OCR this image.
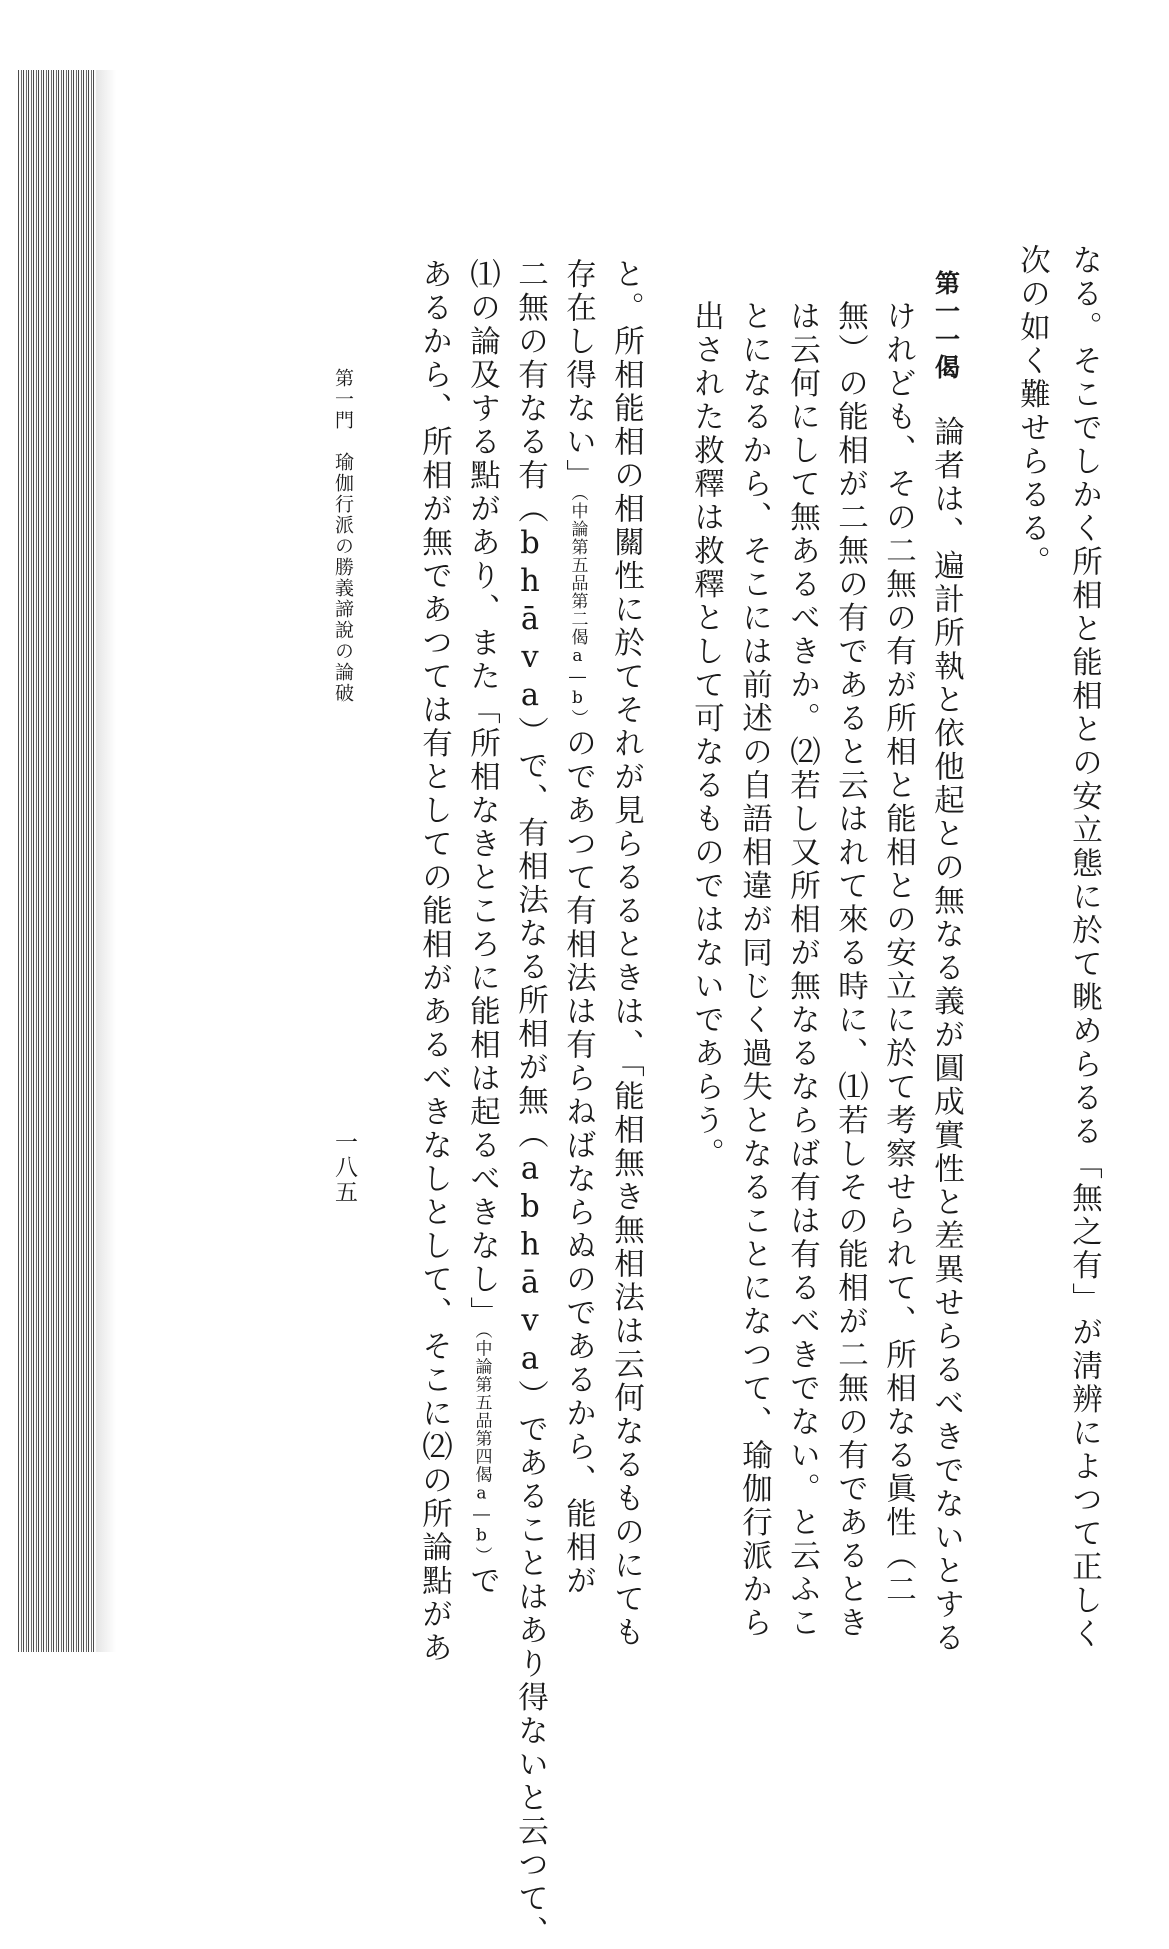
なる。そこでしかく所相と能相との安立態に於て眺めらるる「無之有」が淸辨によつて正しく
次の如く難せらるる。
第一一偈　論者は、遍計所執と依他起との無なる義が圓成實性と差異せらるべきでないとする
けれども、その二無の有が所相と能相との安立に於て考察せられて、所相なる眞性（二
無）の能相が二無の有であると云はれて來る時に、⑴若しその能相が二無の有であるとき
は云何にして無あるべきか。⑵若し又所相が無なるならば有は有るべきでない。と云ふこ
とになるから、そこには前述の自語相違が同じく過失となることになつて、瑜伽行派から
出された救釋は救釋として可なるものではないであらう。
と。所相能相の相關性に於てそれが見らるるときは、「能相無き無相法は云何なるものにても
存在し得ない」（中論第五品第二偈a―b）のであつて有相法は有らねばならぬのであるから、能相が
二無の有なる有（bhāva）で、有相法なる所相が無（abhāva）であることはあり得ないと云つて、
⑴の論及する點があり、また「所相なきところに能相は起るべきなし」（中論第五品第四偈a―b）で
あるから、所相が無であつては有としての能相があるべきなしとして、そこに⑵の所論點があ
第一門　瑜伽行派の勝義諦說の論破
一八五
